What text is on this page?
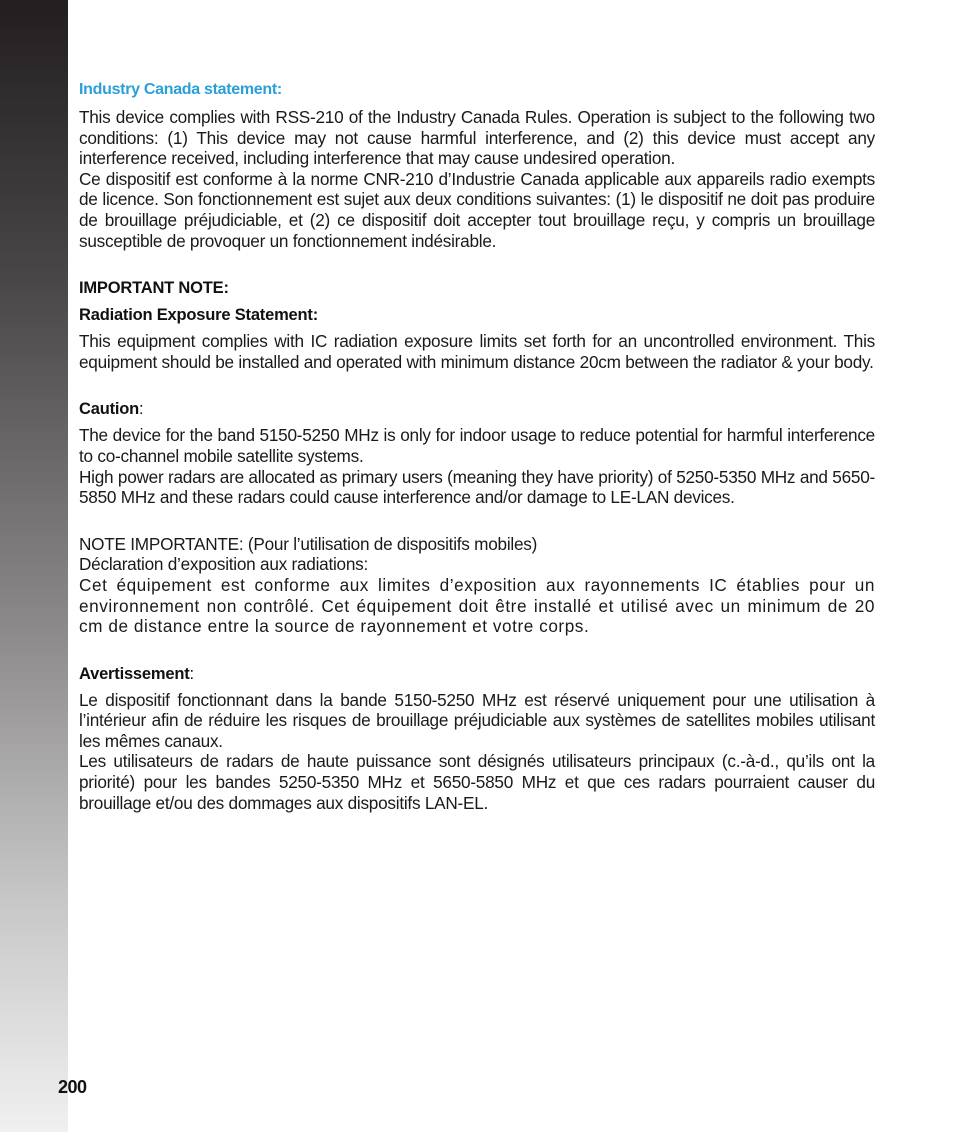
Industry Canada statement:

This device complies with RSS-210 of the Industry Canada Rules. Operation is subject to the following two conditions: (1) This device may not cause harmful interference, and (2) this device must accept any interference received, including interference that may cause undesired operation.

Ce dispositif est conforme à la norme CNR-210 d’Industrie Canada applicable aux appareils radio exempts de licence. Son fonctionnement est sujet aux deux conditions suivantes: (1) le dispositif ne doit pas produire de brouillage préjudiciable, et (2) ce dispositif doit accepter tout brouillage reçu, y compris un brouillage susceptible de provoquer un fonctionnement indésirable.

IMPORTANT NOTE:
Radiation Exposure Statement:

This equipment complies with IC radiation exposure limits set forth for an uncontrolled environment. This equipment should be installed and operated with minimum distance 20cm between the radiator & your body.

Caution:

The device for the band 5150-5250 MHz is only for indoor usage to reduce potential for harmful interference to co-channel mobile satellite systems.

High power radars are allocated as primary users (meaning they have priority) of 5250-5350 MHz and 5650-5850 MHz and these radars could cause interference and/or damage to LE-LAN devices.

NOTE IMPORTANTE: (Pour l’utilisation de dispositifs mobiles)

Déclaration d’exposition aux radiations:

Cet équipement est conforme aux limites d’exposition aux rayonnements IC établies pour un environnement non contrôlé. Cet équipement doit être installé et utilisé avec un minimum de 20 cm de distance entre la source de rayonnement et votre corps.

Avertissement:

Le dispositif fonctionnant dans la bande 5150-5250 MHz est réservé uniquement pour une utilisation à l’intérieur afin de réduire les risques de brouillage préjudiciable aux systèmes de satellites mobiles utilisant les mêmes canaux.

Les utilisateurs de radars de haute puissance sont désignés utilisateurs principaux (c.-à-d., qu’ils ont la priorité) pour les bandes 5250-5350 MHz et 5650-5850 MHz et que ces radars pourraient causer du brouillage et/ou des dommages aux dispositifs LAN-EL.

200
